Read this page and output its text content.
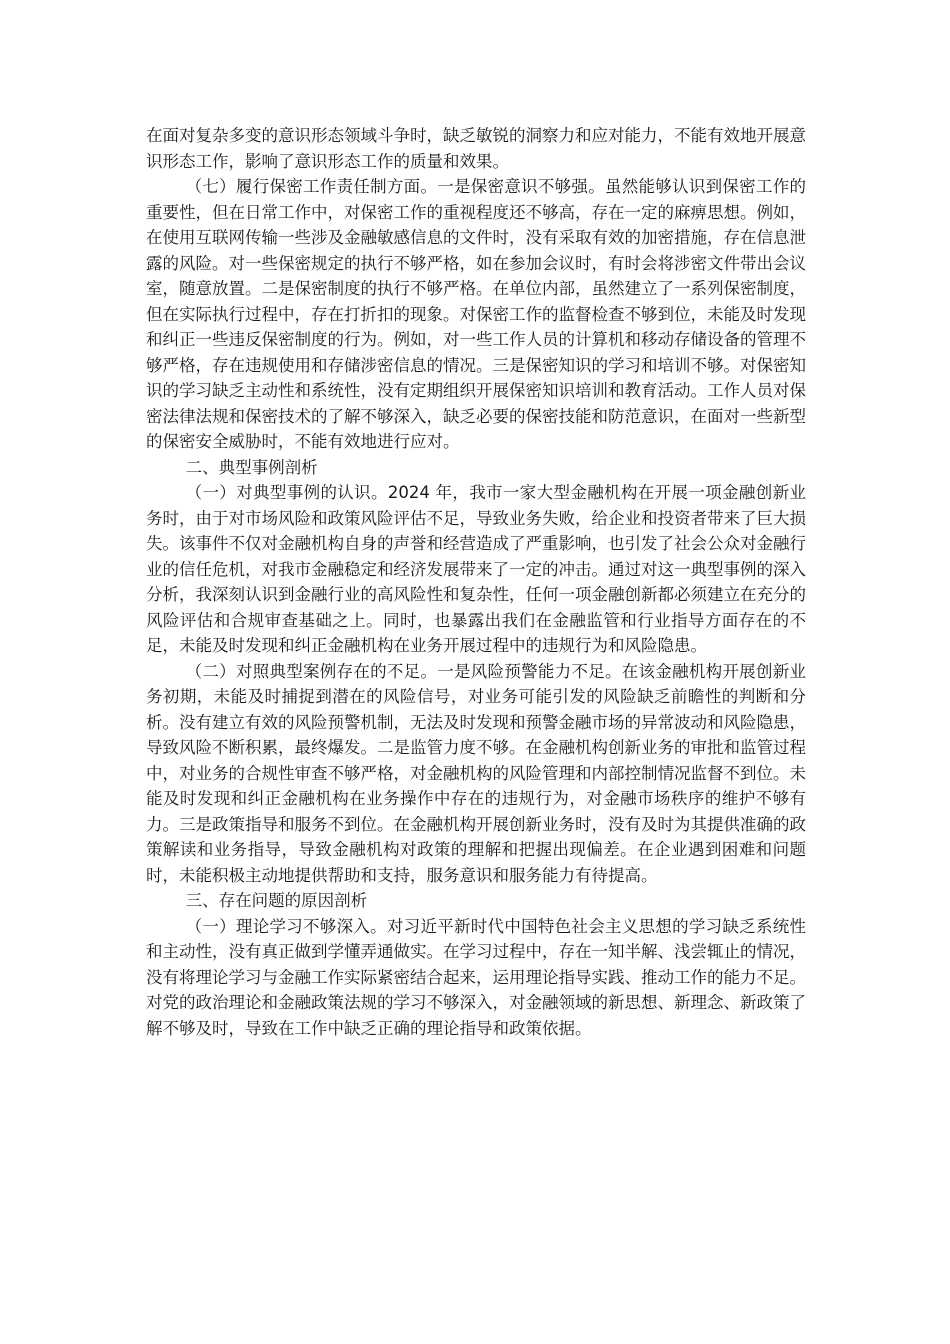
在面对复杂多变的意识形态领域斗争时，缺乏敏锐的洞察力和应对能力，不能有效地开展意识形态工作，影响了意识形态工作的质量和效果。

（七）履行保密工作责任制方面。一是保密意识不够强。虽然能够认识到保密工作的重要性，但在日常工作中，对保密工作的重视程度还不够高，存在一定的麻痹思想。例如，在使用互联网传输一些涉及金融敏感信息的文件时，没有采取有效的加密措施，存在信息泄露的风险。对一些保密规定的执行不够严格，如在参加会议时，有时会将涉密文件带出会议室，随意放置。二是保密制度的执行不够严格。在单位内部，虽然建立了一系列保密制度，但在实际执行过程中，存在打折扣的现象。对保密工作的监督检查不够到位，未能及时发现和纠正一些违反保密制度的行为。例如，对一些工作人员的计算机和移动存储设备的管理不够严格，存在违规使用和存储涉密信息的情况。三是保密知识的学习和培训不够。对保密知识的学习缺乏主动性和系统性，没有定期组织开展保密知识培训和教育活动。工作人员对保密法律法规和保密技术的了解不够深入，缺乏必要的保密技能和防范意识，在面对一些新型的保密安全威胁时，不能有效地进行应对。

二、典型事例剖析

（一）对典型事例的认识。2024 年，我市一家大型金融机构在开展一项金融创新业务时，由于对市场风险和政策风险评估不足，导致业务失败，给企业和投资者带来了巨大损失。该事件不仅对金融机构自身的声誉和经营造成了严重影响，也引发了社会公众对金融行业的信任危机，对我市金融稳定和经济发展带来了一定的冲击。通过对这一典型事例的深入分析，我深刻认识到金融行业的高风险性和复杂性，任何一项金融创新都必须建立在充分的风险评估和合规审查基础之上。同时，也暴露出我们在金融监管和行业指导方面存在的不足，未能及时发现和纠正金融机构在业务开展过程中的违规行为和风险隐患。

（二）对照典型案例存在的不足。一是风险预警能力不足。在该金融机构开展创新业务初期，未能及时捕捉到潜在的风险信号，对业务可能引发的风险缺乏前瞻性的判断和分析。没有建立有效的风险预警机制，无法及时发现和预警金融市场的异常波动和风险隐患，导致风险不断积累，最终爆发。二是监管力度不够。在金融机构创新业务的审批和监管过程中，对业务的合规性审查不够严格，对金融机构的风险管理和内部控制情况监督不到位。未能及时发现和纠正金融机构在业务操作中存在的违规行为，对金融市场秩序的维护不够有力。三是政策指导和服务不到位。在金融机构开展创新业务时，没有及时为其提供准确的政策解读和业务指导，导致金融机构对政策的理解和把握出现偏差。在企业遇到困难和问题时，未能积极主动地提供帮助和支持，服务意识和服务能力有待提高。

三、存在问题的原因剖析

（一）理论学习不够深入。对习近平新时代中国特色社会主义思想的学习缺乏系统性和主动性，没有真正做到学懂弄通做实。在学习过程中，存在一知半解、浅尝辄止的情况，没有将理论学习与金融工作实际紧密结合起来，运用理论指导实践、推动工作的能力不足。对党的政治理论和金融政策法规的学习不够深入，对金融领域的新思想、新理念、新政策了解不够及时，导致在工作中缺乏正确的理论指导和政策依据。
